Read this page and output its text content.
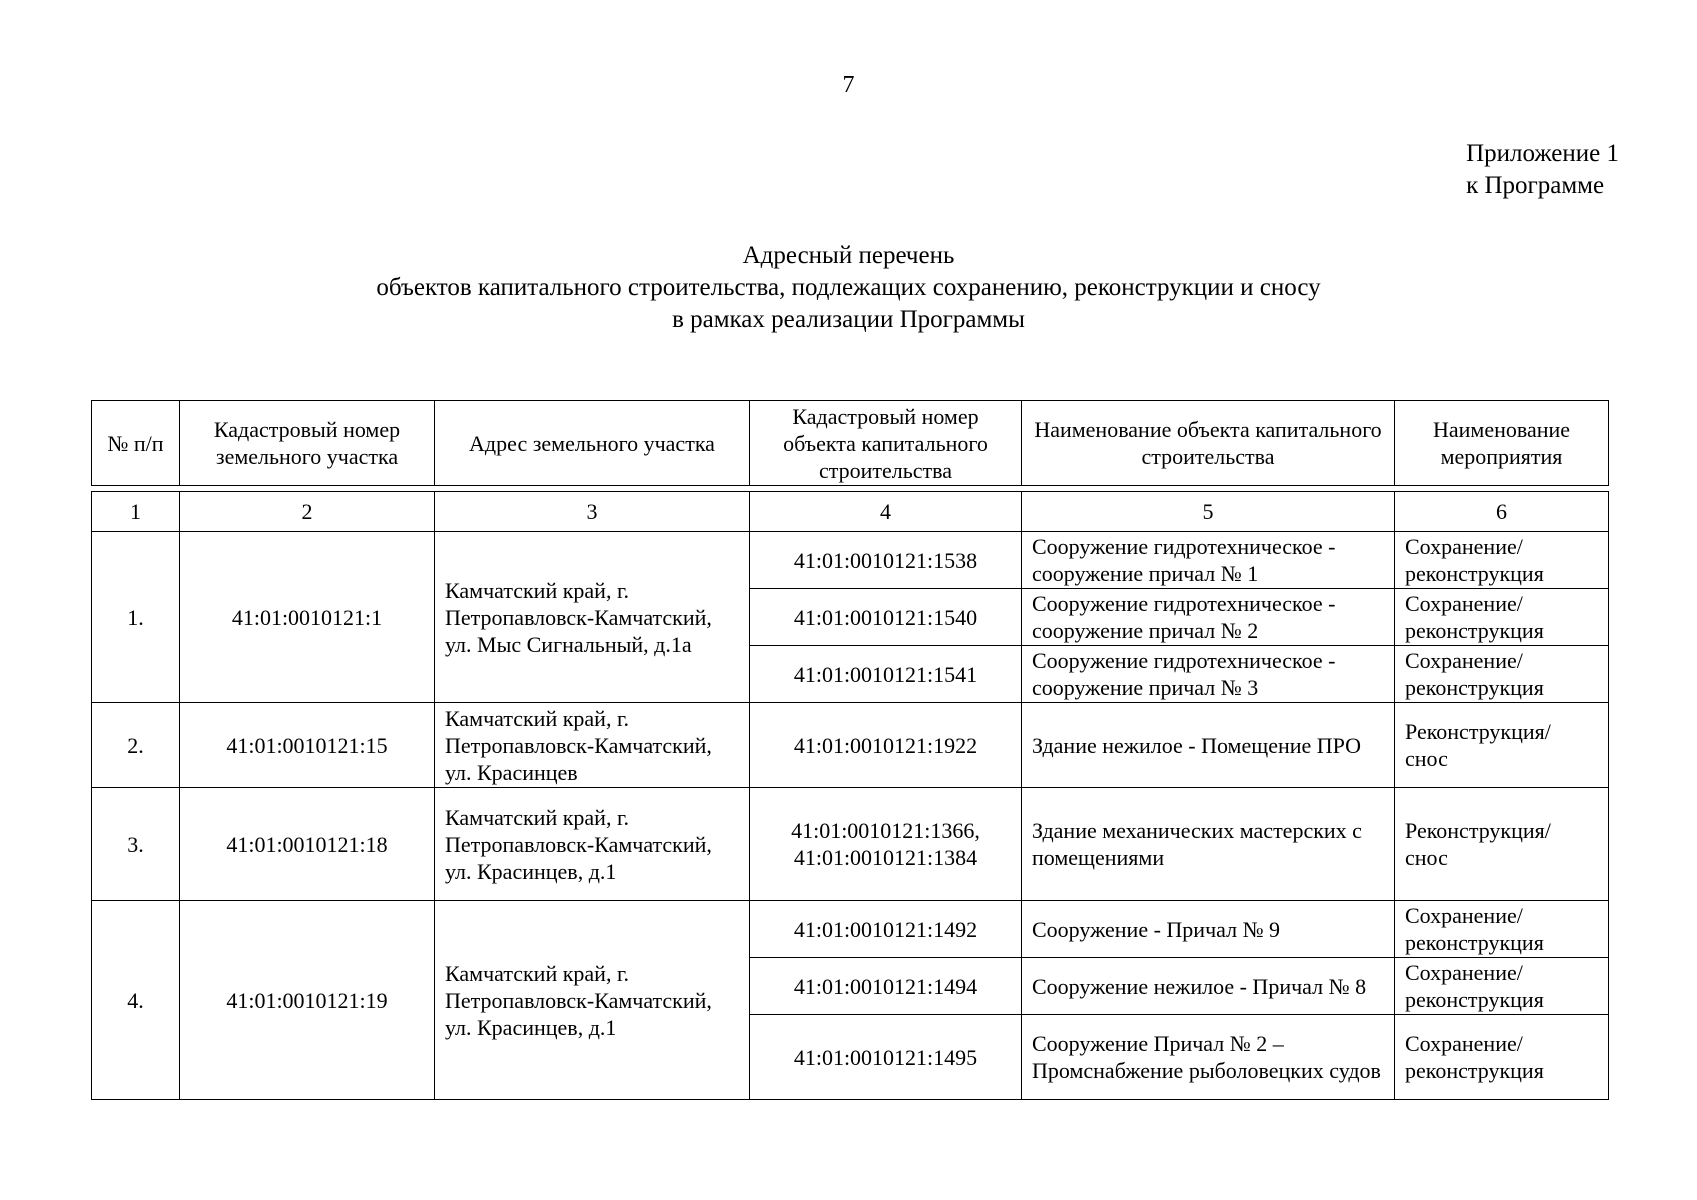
7
Приложение 1
к Программе
Адресный перечень
объектов капитального строительства, подлежащих сохранению, реконструкции и сносу
в рамках реализации Программы
№ п/п	Кадастровый номер земельного участка	Адрес земельного участка	Кадастровый номер объекта капитального строительства	Наименование объекта капитального строительства	Наименование мероприятия
1	2	3	4	5	6
1.	41:01:0010121:1	Камчатский край, г. Петропавловск-Камчатский, ул. Мыс Сигнальный, д.1а	41:01:0010121:1538	Сооружение гидротехническое - сооружение причал № 1	Сохранение/ реконструкция
			41:01:0010121:1540	Сооружение гидротехническое - сооружение причал № 2	Сохранение/ реконструкция
			41:01:0010121:1541	Сооружение гидротехническое - сооружение причал № 3	Сохранение/ реконструкция
2.	41:01:0010121:15	Камчатский край, г. Петропавловск-Камчатский, ул. Красинцев	41:01:0010121:1922	Здание нежилое - Помещение ПРО	Реконструкция/ снос
3.	41:01:0010121:18	Камчатский край, г. Петропавловск-Камчатский, ул. Красинцев, д.1	41:01:0010121:1366, 41:01:0010121:1384	Здание механических мастерских с помещениями	Реконструкция/ снос
4.	41:01:0010121:19	Камчатский край, г. Петропавловск-Камчатский, ул. Красинцев, д.1	41:01:0010121:1492	Сооружение - Причал № 9	Сохранение/ реконструкция
			41:01:0010121:1494	Сооружение нежилое - Причал № 8	Сохранение/ реконструкция
			41:01:0010121:1495	Сооружение Причал № 2 – Промснабжение рыболовецких судов	Сохранение/ реконструкция
